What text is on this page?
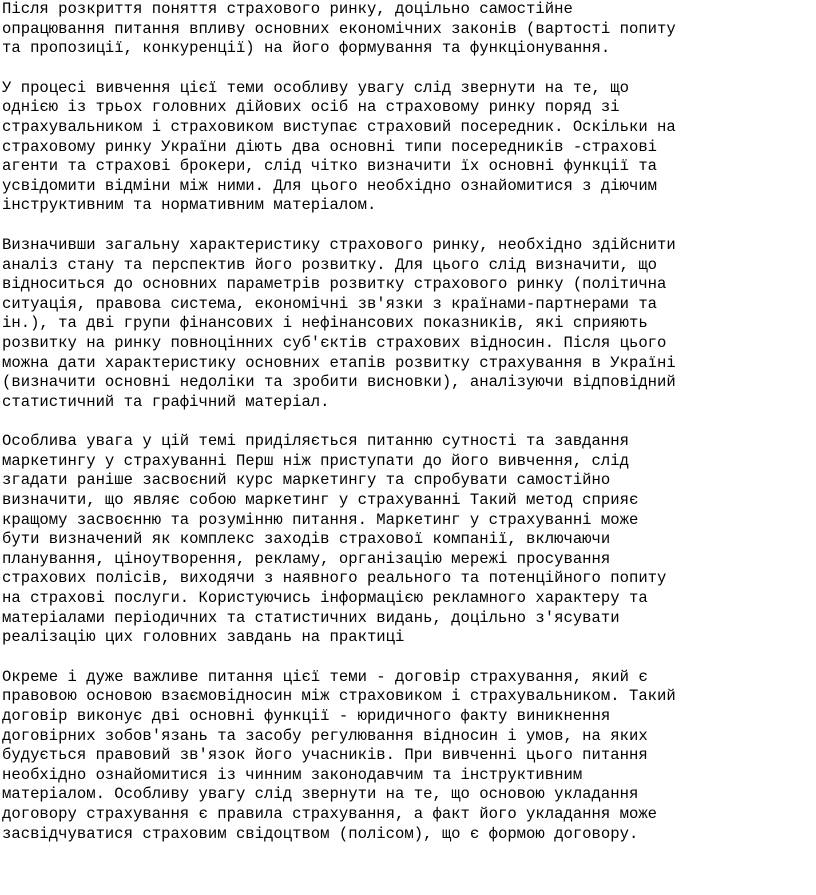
Після розкриття поняття страхового ринку, доцільно самостійне
опрацювання питання впливу основних економічних законів (вартості попиту
та пропозиції, конкуренції) на його формування та функціонування.

У процесі вивчення цієї теми особливу увагу слід звернути на те, що
однією із трьох головних дійових осіб на страховому ринку поряд зі
страхувальником і страховиком виступає страховий посередник. Оскільки на
страховому ринку України діють два основні типи посередників -страхові
агенти та страхові брокери, слід чітко визначити їх основні функції та
усвідомити відміни між ними. Для цього необхідно ознайомитися з діючим
інструктивним та нормативним матеріалом.

Визначивши загальну характеристику страхового ринку, необхідно здійснити
аналіз стану та перспектив його розвитку. Для цього слід визначити, що
відноситься до основних параметрів розвитку страхового ринку (політична
ситуація, правова система, економічні зв'язки з країнами-партнерами та
ін.), та дві групи фінансових і нефінансових показників, які сприяють
розвитку на ринку повноцінних суб'єктів страхових відносин. Після цього
можна дати характеристику основних етапів розвитку страхування в Україні
(визначити основні недоліки та зробити висновки), аналізуючи відповідний
статистичний та графічний матеріал.

Особлива увага у цій темі приділяється питанню сутності та завдання
маркетингу у страхуванні Перш ніж приступати до його вивчення, слід
згадати раніше засвоєний курс маркетингу та спробувати самостійно
визначити, що являє собою маркетинг у страхуванні Такий метод сприяє
кращому засвоєнню та розумінню питання. Маркетинг у страхуванні може
бути визначений як комплекс заходів страхової компанії, включаючи
планування, ціноутворення, рекламу, організацію мережі просування
страхових полісів, виходячи з наявного реального та потенційного попиту
на страхові послуги. Користуючись інформацією рекламного характеру та
матеріалами періодичних та статистичних видань, доцільно з'ясувати
реалізацію цих головних завдань на практиці

Окреме і дуже важливе питання цієї теми - договір страхування, який є
правовою основою взаємовідносин між страховиком і страхувальником. Такий
договір виконує дві основні функції - юридичного факту виникнення
договірних зобов'язань та засобу регулювання відносин і умов, на яких
будується правовий зв'язок його учасників. При вивченні цього питання
необхідно ознайомитися із чинним законодавчим та інструктивним
матеріалом. Особливу увагу слід звернути на те, що основою укладання
договору страхування є правила страхування, а факт його укладання може
засвідчуватися страховим свідоцтвом (полісом), що є формою договору.
